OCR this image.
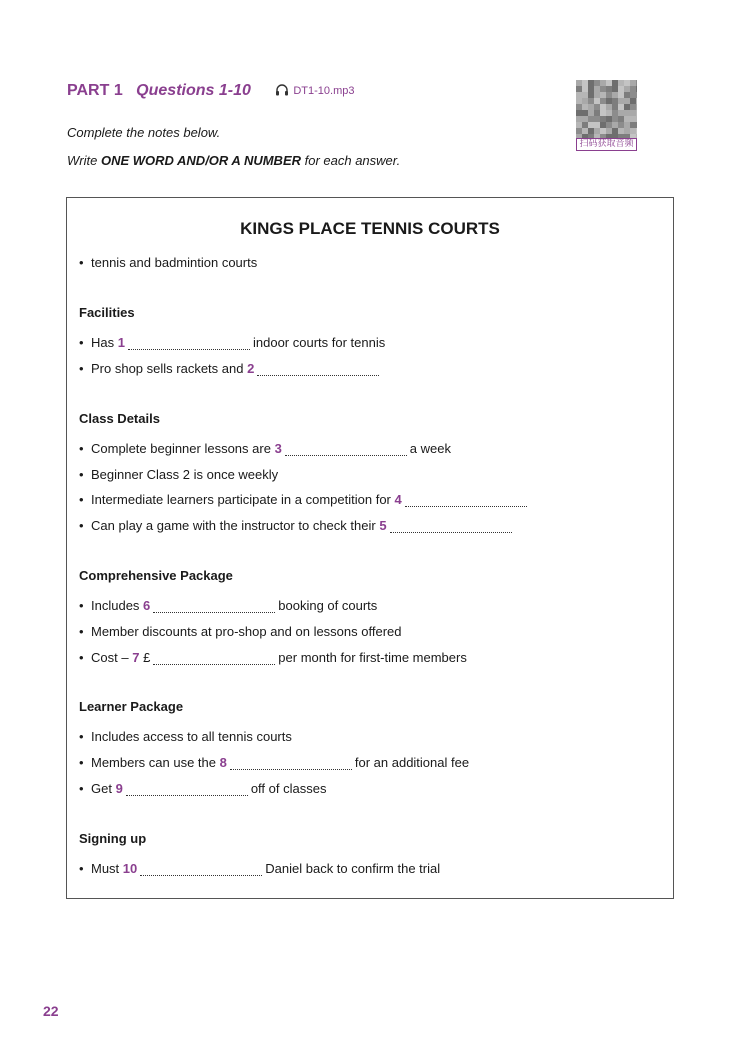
PART 1 Questions 1-10	DT1-10.mp3
扫码获取音频
Complete the notes below.
Write ONE WORD AND/OR A NUMBER for each answer.
KINGS PLACE TENNIS COURTS
• tennis and badmintion courts
Facilities
• Has 1	indoor courts for tennis
• Pro shop sells rackets and 2
Class Details
• Complete beginner lessons are 3	a week
• Beginner Class 2 is once weekly
• Intermediate learners participate in a competition for 4
• Can play a game with the instructor to check their 5
Comprehensive Package
• Includes 6	booking of courts
• Member discounts at pro-shop and on lessons offered
• Cost – 7 £	per month for first-time members
Learner Package
• Includes access to all tennis courts
• Members can use the 8	for an additional fee
• Get 9	off of classes
Signing up
• Must 10	Daniel back to confirm the trial
22
